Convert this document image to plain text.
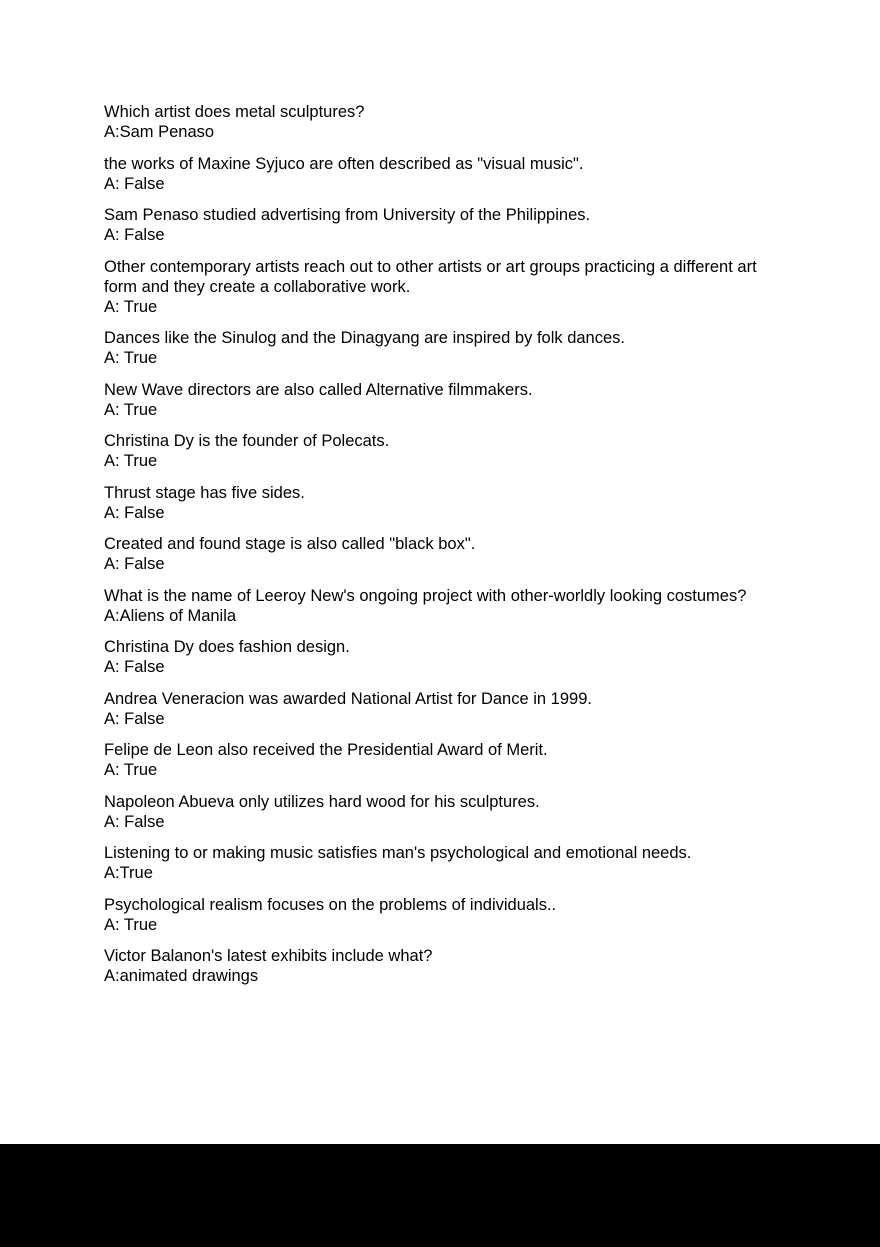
Which artist does metal sculptures?
A:Sam Penaso
the works of Maxine Syjuco are often described as "visual music".
A: False
Sam Penaso studied advertising from University of the Philippines.
A: False
Other contemporary artists reach out to other artists or art groups practicing a different art form and they create a collaborative work.
A: True
Dances like the Sinulog and the Dinagyang are inspired by folk dances.
A: True
New Wave directors are also called Alternative filmmakers.
A: True
Christina Dy is the founder of Polecats.
A: True
Thrust stage has five sides.
A: False
Created and found stage is also called "black box".
A: False
What is the name of Leeroy New's ongoing project with other-worldly looking costumes?
A:Aliens of Manila
Christina Dy does fashion design.
A: False
Andrea Veneracion was awarded National Artist for Dance in 1999.
A: False
Felipe de Leon also received the Presidential Award of Merit.
A: True
Napoleon Abueva only utilizes hard wood for his sculptures.
A: False
Listening to or making music satisfies man's psychological and emotional needs.
A:True
Psychological realism focuses on the problems of individuals..
A: True
Victor Balanon's latest exhibits include what?
A:animated drawings
